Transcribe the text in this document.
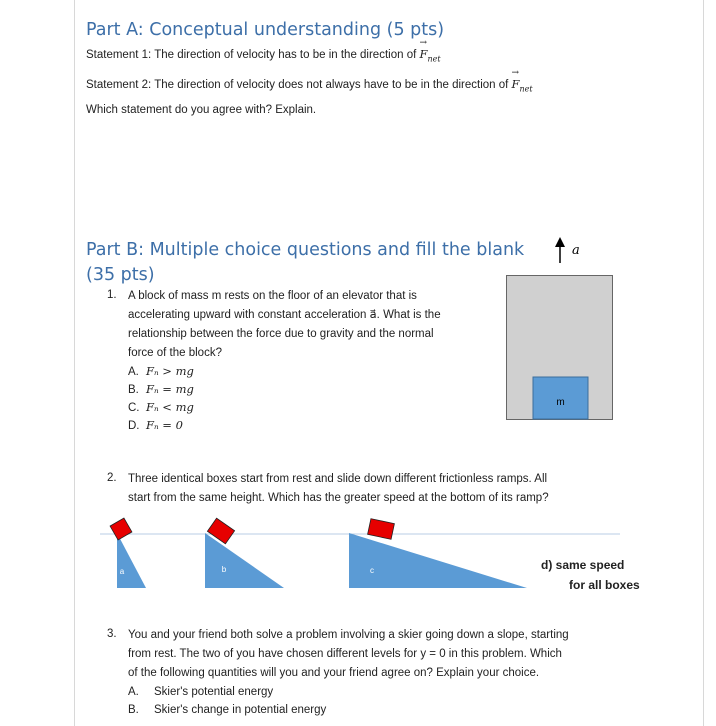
Part A: Conceptual understanding (5 pts)
Statement 1: The direction of velocity has to be in the direction of F
→
$_{net}$
Statement 2: The direction of velocity does not always have to be in the direction of F
→
$_{net}$
Which statement do you agree with? Explain.
Part B: Multiple choice questions and fill the blank
(35 pts)
1. A block of mass m rests on the floor of an elevator that is
accelerating upward with constant acceleration a⃗. What is the
relationship between the force due to gravity and the normal
force of the block?
A. Fₙ > mg
B. Fₙ = mg
C. Fₙ < mg
D. Fₙ = 0
a
m
2. Three identical boxes start from rest and slide down different frictionless ramps. All
start from the same height. Which has the greater speed at the bottom of its ramp?
a	b	c	d) same speed
for all boxes
3. You and your friend both solve a problem involving a skier going down a slope, starting
from rest. The two of you have chosen different levels for y = 0 in this problem. Which
of the following quantities will you and your friend agree on? Explain your choice.
A. Skier's potential energy
B. Skier's change in potential energy
